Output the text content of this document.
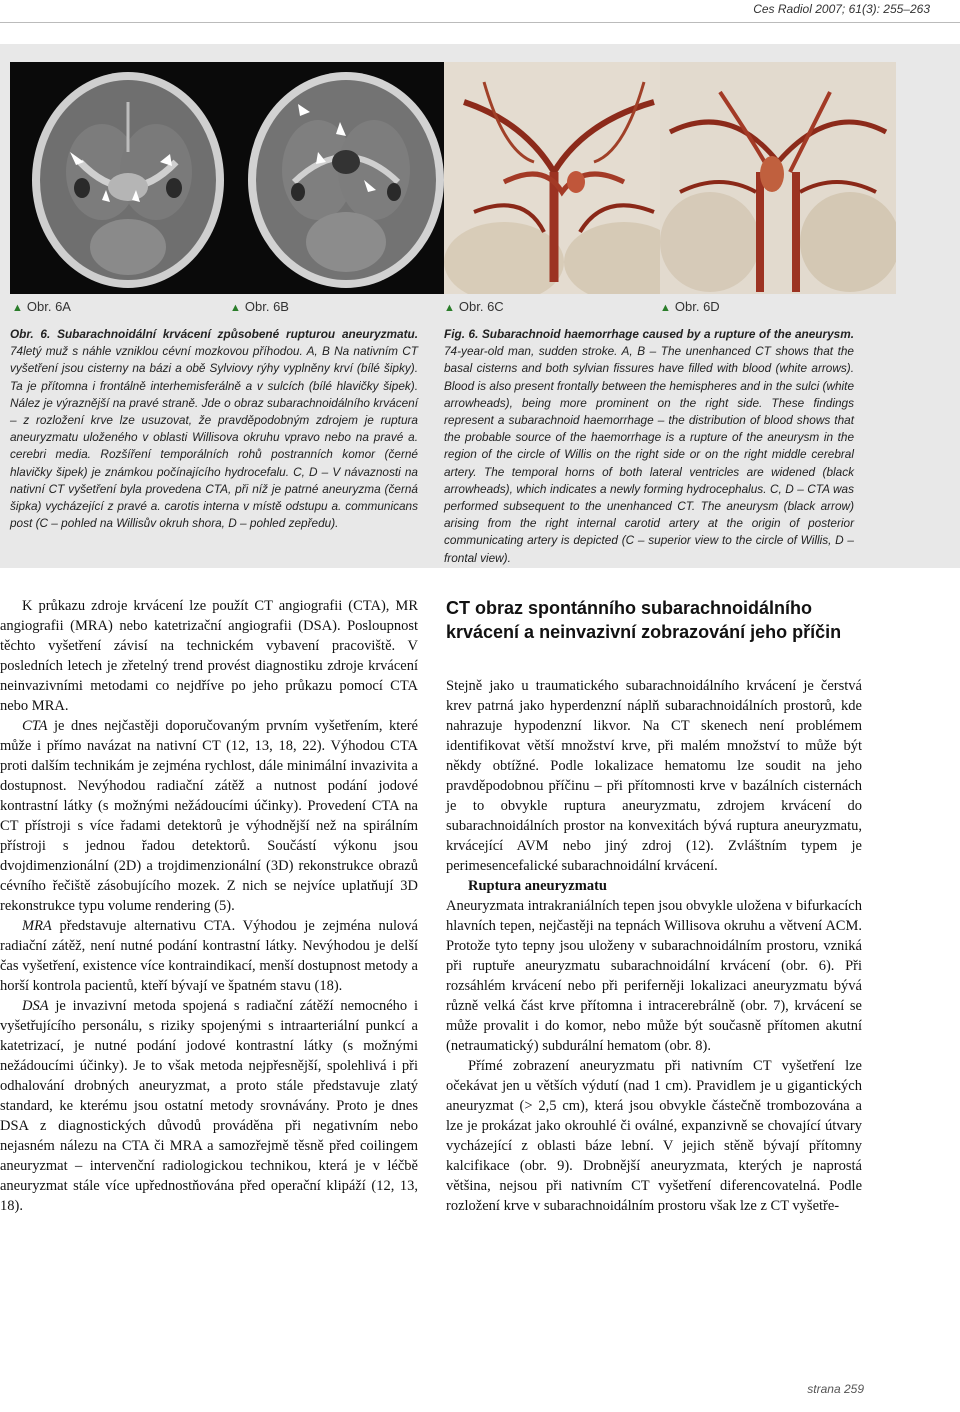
Ces Radiol 2007; 61(3): 255–263
▲ Obr. 6A	▲ Obr. 6B	▲ Obr. 6C	▲ Obr. 6D
Obr. 6. Subarachnoidální krvácení způsobené rupturou aneuryzmatu. 74letý muž s náhle vzniklou cévní mozkovou příhodou. A, B Na nativním CT vyšetření jsou cisterny na bázi a obě Sylviovy rýhy vyplněny krví (bílé šipky). Ta je přítomna i frontálně interhemisferálně a v sulcích (bílé hlavičky šipek). Nález je výraznější na pravé straně. Jde o obraz subarachnoidálního krvácení – z rozložení krve lze usuzovat, že pravděpodobným zdrojem je ruptura aneuryzmatu uloženého v oblasti Willisova okruhu vpravo nebo na pravé a. cerebri media. Rozšíření temporálních rohů postranních komor (černé hlavičky šipek) je známkou počínajícího hydrocefalu. C, D – V návaznosti na nativní CT vyšetření byla provedena CTA, při níž je patrné aneuryzma (černá šipka) vycházející z pravé a. carotis interna v místě odstupu a. communicans post (C – pohled na Willisův okruh shora, D – pohled zepředu).
Fig. 6. Subarachnoid haemorrhage caused by a rupture of the aneurysm. 74-year-old man, sudden stroke. A, B – The unenhanced CT shows that the basal cisterns and both sylvian fissures have filled with blood (white arrows). Blood is also present frontally between the hemispheres and in the sulci (white arrowheads), being more prominent on the right side. These findings represent a subarachnoid haemorrhage – the distribution of blood shows that the probable source of the haemorrhage is a rupture of the aneurysm in the region of the circle of Willis on the right side or on the right middle cerebral artery. The temporal horns of both lateral ventricles are widened (black arrowheads), which indicates a newly forming hydrocephalus. C, D – CTA was performed subsequent to the unenhanced CT. The aneurysm (black arrow) arising from the right internal carotid artery at the origin of posterior communicating artery is depicted (C – superior view to the circle of Willis, D – frontal view).

K průkazu zdroje krvácení lze použít CT angiografii (CTA), MR angiografii (MRA) nebo katetrizační angiografii (DSA). Posloupnost těchto vyšetření závisí na technickém vybavení pracoviště. V posledních letech je zřetelný trend provést diagnostiku zdroje krvácení neinvazivními metodami co nejdříve po jeho průkazu pomocí CTA nebo MRA.

CTA je dnes nejčastěji doporučovaným prvním vyšetřením, které může i přímo navázat na nativní CT (12, 13, 18, 22). Výhodou CTA proti dalším technikám je zejména rychlost, dále minimální invazivita a dostupnost. Nevýhodou radiační zátěž a nutnost podání jodové kontrastní látky (s možnými nežádoucími účinky). Provedení CTA na CT přístroji s více řadami detektorů je výhodnější než na spirálním přístroji s jednou řadou detektorů. Součástí výkonu jsou dvojdimenzionální (2D) a trojdimenzionální (3D) rekonstrukce obrazů cévního řečiště zásobujícího mozek. Z nich se nejvíce uplatňují 3D rekonstrukce typu volume rendering (5).

MRA představuje alternativu CTA. Výhodou je zejména nulová radiační zátěž, není nutné podání kontrastní látky. Nevýhodou je delší čas vyšetření, existence více kontraindikací, menší dostupnost metody a horší kontrola pacientů, kteří bývají ve špatném stavu (18).

DSA je invazivní metoda spojená s radiační zátěží nemocného i vyšetřujícího personálu, s riziky spojenými s intraarteriální punkcí a katetrizací, je nutné podání jodové kontrastní látky (s možnými nežádoucími účinky). Je to však metoda nejpřesnější, spolehlivá i při odhalování drobných aneuryzmat, a proto stále představuje zlatý standard, ke kterému jsou ostatní metody srovnávány. Proto je dnes DSA z diagnostických důvodů prováděna při negativním nebo nejasném nálezu na CTA či MRA a samozřejmě těsně před coilingem aneuryzmat – intervenční radiologickou technikou, která je v léčbě aneuryzmat stále více upřednostňována před operační klipáží (12, 13, 18).

CT obraz spontánního subarachnoidálního krvácení a neinvazivní zobrazování jeho příčin

Stejně jako u traumatického subarachnoidálního krvácení je čerstvá krev patrná jako hyperdenzní náplň subarachnoidálních prostorů, kde nahrazuje hypodenzní likvor. Na CT skenech není problémem identifikovat větší množství krve, při malém množství to může být někdy obtížné. Podle lokalizace hematomu lze soudit na jeho pravděpodobnou příčinu – při přítomnosti krve v bazálních cisternách je to obvykle ruptura aneuryzmatu, zdrojem krvácení do subarachnoidálních prostor na konvexitách bývá ruptura aneuryzmatu, krvácející AVM nebo jiný zdroj (12). Zvláštním typem je perimesencefalické subarachnoidální krvácení.

Ruptura aneuryzmatu

Aneuryzmata intrakraniálních tepen jsou obvykle uložena v bifurkacích hlavních tepen, nejčastěji na tepnách Willisova okruhu a větvení ACM. Protože tyto tepny jsou uloženy v subarachnoidálním prostoru, vzniká při ruptuře aneuryzmatu subarachnoidální krvácení (obr. 6). Při rozsáhlém krvácení nebo při periferněji lokalizaci aneuryzmatu bývá různě velká část krve přítomna i intracerebrálně (obr. 7), krvácení se může provalit i do komor, nebo může být současně přítomen akutní (netraumatický) subdurální hematom (obr. 8).

Přímé zobrazení aneuryzmatu při nativním CT vyšetření lze očekávat jen u větších výdutí (nad 1 cm). Pravidlem je u gigantických aneuryzmat (> 2,5 cm), která jsou obvykle částečně trombozována a lze je prokázat jako okrouhlé či oválné, expanzivně se chovající útvary vycházející z oblasti báze lební. V jejich stěně bývají přítomny kalcifikace (obr. 9). Drobnější aneuryzmata, kterých je naprostá většina, nejsou při nativním CT vyšetření diferencovatelná. Podle rozložení krve v subarachnoidálním prostoru však lze z CT vyšetře-

strana 259
